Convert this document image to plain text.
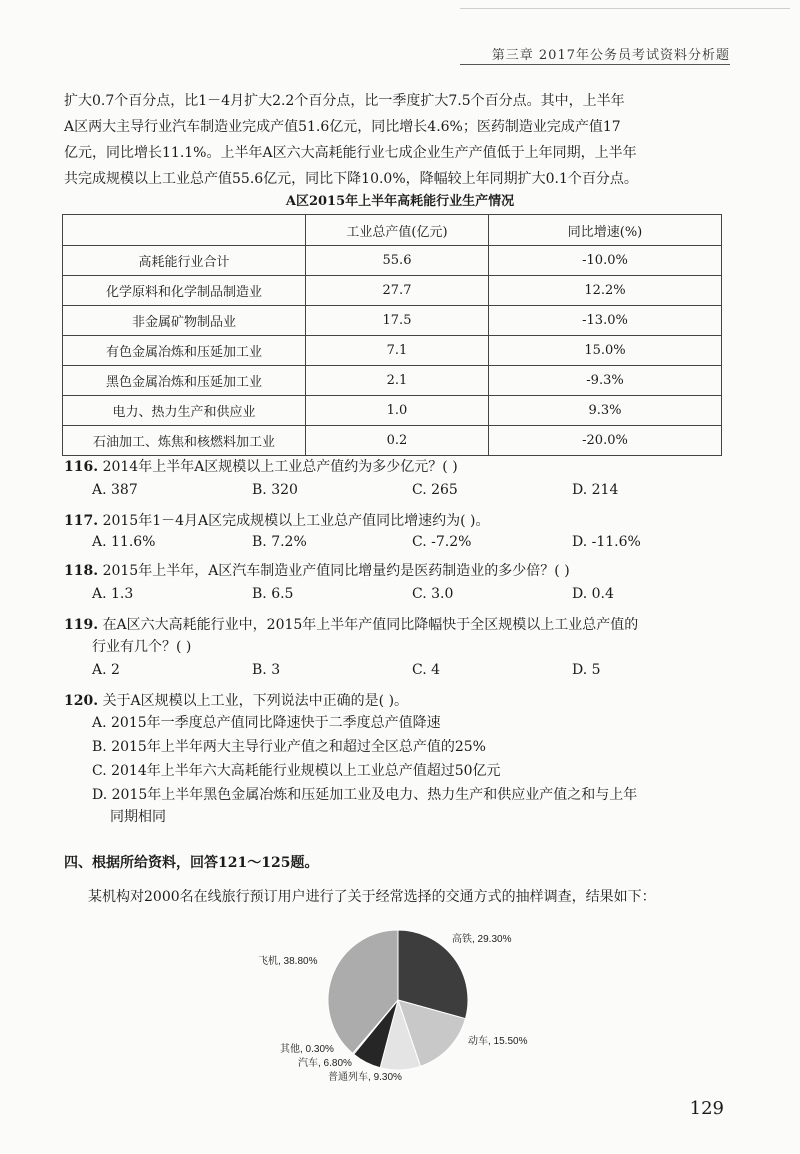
第三章 2017年公务员考试资料分析题

扩大0.7个百分点，比1－4月扩大2.2个百分点，比一季度扩大7.5个百分点。其中，上半年

A区两大主导行业汽车制造业完成产值51.6亿元，同比增长4.6%；医药制造业完成产值17

亿元，同比增长11.1%。上半年A区六大高耗能行业七成企业生产产值低于上年同期，上半年

共完成规模以上工业总产值55.6亿元，同比下降10.0%，降幅较上年同期扩大0.1个百分点。

A区2015年上半年高耗能行业生产情况
	工业总产值(亿元)	同比增速(%)
高耗能行业合计	55.6	-10.0%
化学原料和化学制品制造业	27.7	12.2%
非金属矿物制品业	17.5	-13.0%
有色金属冶炼和压延加工业	7.1	15.0%
黑色金属冶炼和压延加工业	2.1	-9.3%
电力、热力生产和供应业	1.0	9.3%
石油加工、炼焦和核燃料加工业	0.2	-20.0%
116. 2014年上半年A区规模以上工业总产值约为多少亿元？( )
A. 387	B. 320	C. 265	D. 214
117. 2015年1－4月A区完成规模以上工业总产值同比增速约为( )。
A. 11.6%	B. 7.2%	C. -7.2%	D. -11.6%
118. 2015年上半年，A区汽车制造业产值同比增量约是医药制造业的多少倍？( )
A. 1.3	B. 6.5	C. 3.0	D. 0.4
119. 在A区六大高耗能行业中，2015年上半年产值同比降幅快于全区规模以上工业总产值的
行业有几个？( )
A. 2	B. 3	C. 4	D. 5
120. 关于A区规模以上工业，下列说法中正确的是( )。
A. 2015年一季度总产值同比降速快于二季度总产值降速
B. 2015年上半年两大主导行业产值之和超过全区总产值的25%
C. 2014年上半年六大高耗能行业规模以上工业总产值超过50亿元
D. 2015年上半年黑色金属冶炼和压延加工业及电力、热力生产和供应业产值之和与上年
同期相同
四、根据所给资料，回答121～125题。
某机构对2000名在线旅行预订用户进行了关于经常选择的交通方式的抽样调查，结果如下：
高铁, 29.30%
动车, 15.50%
普通列车, 9.30%
汽车, 6.80%
其他, 0.30%
飞机, 38.80%
129
